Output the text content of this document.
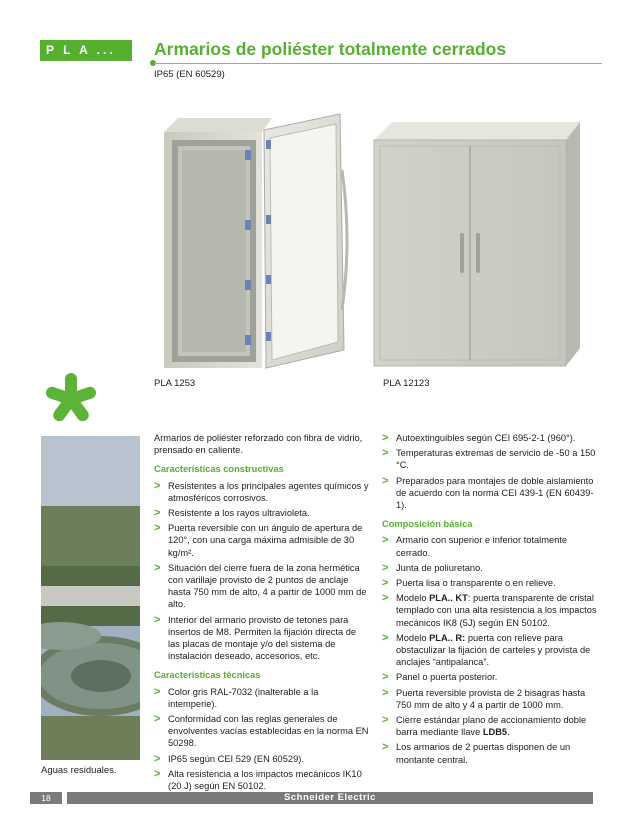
P L A ...	Armarios de poliéster totalmente cerrados
IP65 (EN 60529)
PLA 1253	PLA 12123
Aguas residuales.
Armarios de poliéster reforzado con fibra de vidrio, prensado en caliente.
Características constructivas
> Resistentes a los principales agentes químicos y atmosféricos corrosivos.
> Resistente a los rayos ultravioleta.
> Puerta reversible con un ángulo de apertura de 120°, con una carga máxima admisible de 30 kg/m².
> Situación del cierre fuera de la zona hermética con varillaje provisto de 2 puntos de anclaje hasta 750 mm de alto, 4 a partir de 1000 mm de alto.
> Interior del armario provisto de tetones para insertos de M8. Permiten la fijación directa de las placas de montaje y/o del sistema de instalación deseado, accesorios, etc.
Características técnicas
> Color gris RAL-7032 (inalterable a la intemperie).
> Conformidad con las reglas generales de envolventes vacías establecidas en la norma EN 50298.
> IP65 según CEI 529 (EN 60529).
> Alta resistencia a los impactos mecánicos IK10 (20 J) según EN 50102.
> Autoextinguibles según CEI 695-2-1 (960°).
> Temperaturas extremas de servicio de -50 a 150 °C.
> Preparados para montajes de doble aislamiento de acuerdo con la norma CEI 439-1 (EN 60439-1).
Composición básica
> Armario con superior e inferior totalmente cerrado.
> Junta de poliuretano.
> Puerta lisa o transparente o en relieve.
> Modelo PLA.. KT: puerta transparente de cristal templado con una alta resistencia a los impactos mecánicos IK8 (5J) según EN 50102.
> Modelo PLA.. R: puerta con relieve para obstaculizar la fijación de carteles y provista de anclajes “antipalanca”.
> Panel o puerta posterior.
> Puerta reversible provista de 2 bisagras hasta 750 mm de alto y 4 a partir de 1000 mm.
> Cierre estándar plano de accionamiento doble barra mediante llave LDB5.
> Los armarios de 2 puertas disponen de un montante central.
18	Schneider Electric
